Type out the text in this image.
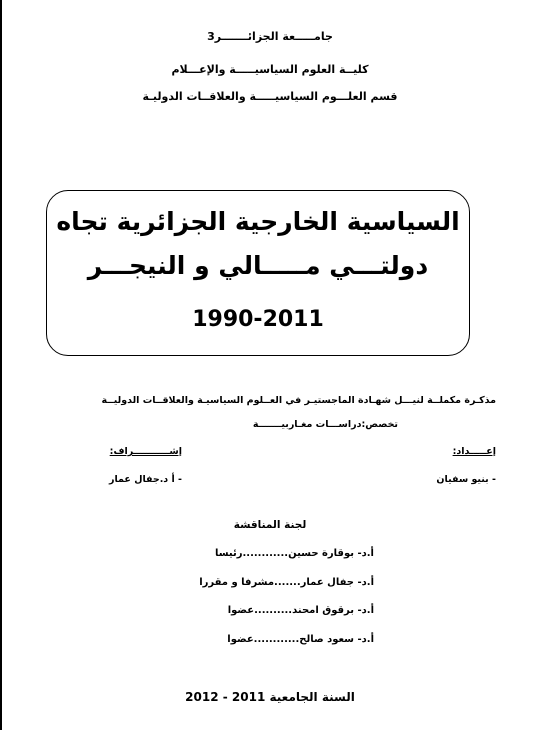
جامـــــعة الجزائـــــــر3
كليــة العلوم السياسيـــــة والإعـــلام
قسم العلـــوم السياسيـــــة والعلاقــات الدوليـة
السياسية الخارجية الجزائرية تجاه
دولتـــي مـــــالي و النيجـــر
1990-2011
مذكـرة مكملــة لنيـــل شهـادة الماجستيـر في العــلوم السياسيـة والعلاقــات الدوليــة
تخصص:دراســـات مغـاربيـــــــة
إعـــــداد:
- بنيو سفيان
إشـــــــــــراف:
- أ د.جفال عمار
لجنة المناقشة
أ.د- بوقارة حسين............رئيسا
أ.د- جفال عمار.......مشرفا و مقررا
أ.د- برقوق امحند..........عضوا
أ.د- سعود صالح............عضوا
السنة الجامعية 2011 - 2012
